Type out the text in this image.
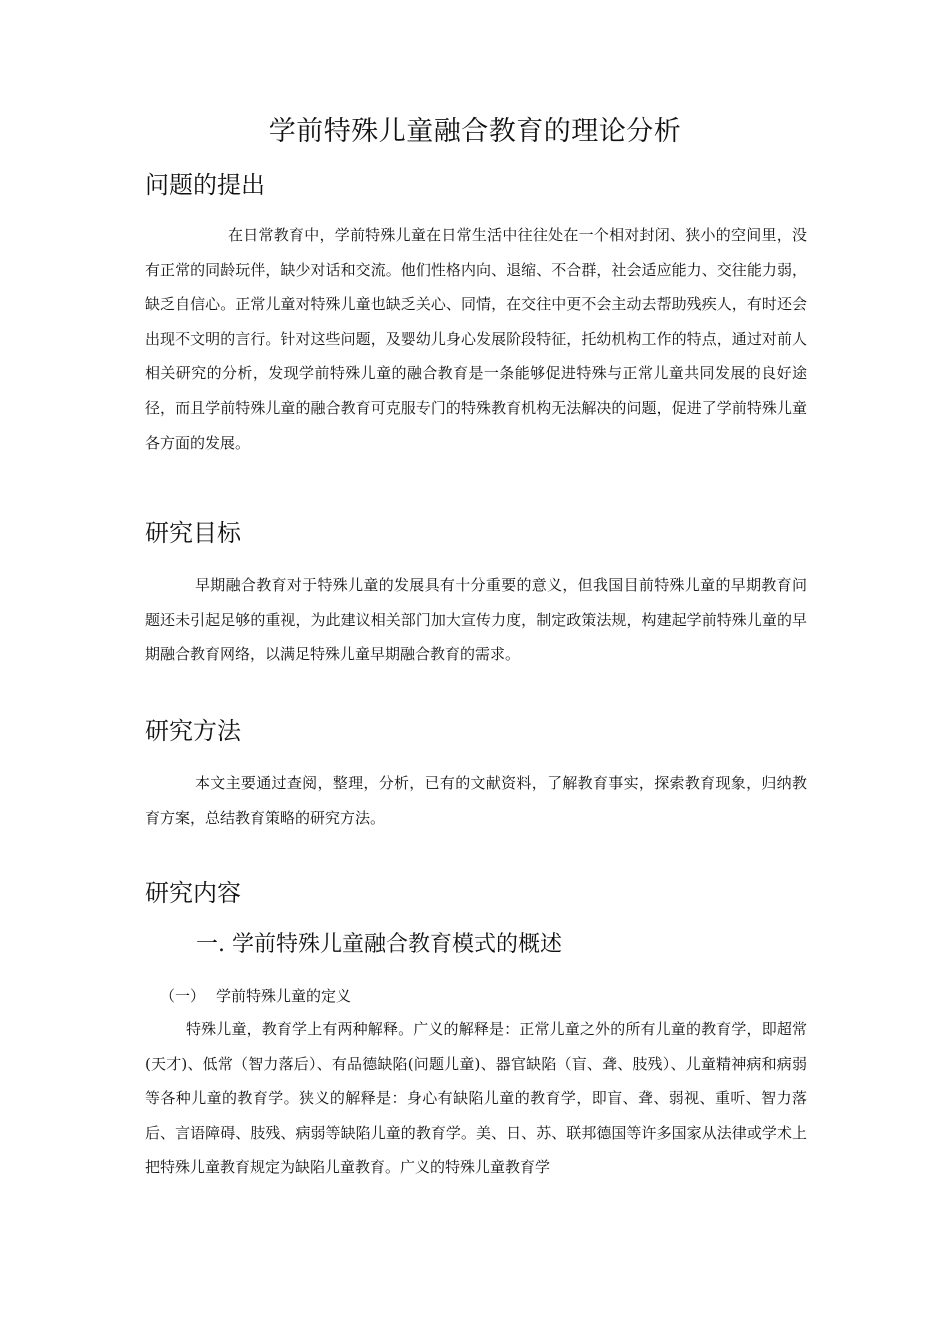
学前特殊儿童融合教育的理论分析
问题的提出
在日常教育中，学前特殊儿童在日常生活中往往处在一个相对封闭、狭小的空间里，没有正常的同龄玩伴，缺少对话和交流。他们性格内向、退缩、不合群，社会适应能力、交往能力弱，缺乏自信心。正常儿童对特殊儿童也缺乏关心、同情，在交往中更不会主动去帮助残疾人，有时还会出现不文明的言行。针对这些问题，及婴幼儿身心发展阶段特征，托幼机构工作的特点，通过对前人相关研究的分析，发现学前特殊儿童的融合教育是一条能够促进特殊与正常儿童共同发展的良好途径，而且学前特殊儿童的融合教育可克服专门的特殊教育机构无法解决的问题，促进了学前特殊儿童各方面的发展。
研究目标
早期融合教育对于特殊儿童的发展具有十分重要的意义，但我国目前特殊儿童的早期教育问题还未引起足够的重视，为此建议相关部门加大宣传力度，制定政策法规，构建起学前特殊儿童的早期融合教育网络，以满足特殊儿童早期融合教育的需求。
研究方法
本文主要通过查阅，整理，分析，已有的文献资料，了解教育事实，探索教育现象，归纳教育方案，总结教育策略的研究方法。
研究内容
一. 学前特殊儿童融合教育模式的概述
（一） 学前特殊儿童的定义
特殊儿童，教育学上有两种解释。广义的解释是：正常儿童之外的所有儿童的教育学，即超常(天才)、低常（智力落后）、有品德缺陷(问题儿童)、器官缺陷（盲、聋、肢残）、儿童精神病和病弱等各种儿童的教育学。狭义的解释是：身心有缺陷儿童的教育学，即盲、聋、弱视、重听、智力落后、言语障碍、肢残、病弱等缺陷儿童的教育学。美、日、苏、联邦德国等许多国家从法律或学术上把特殊儿童教育规定为缺陷儿童教育。广义的特殊儿童教育学
